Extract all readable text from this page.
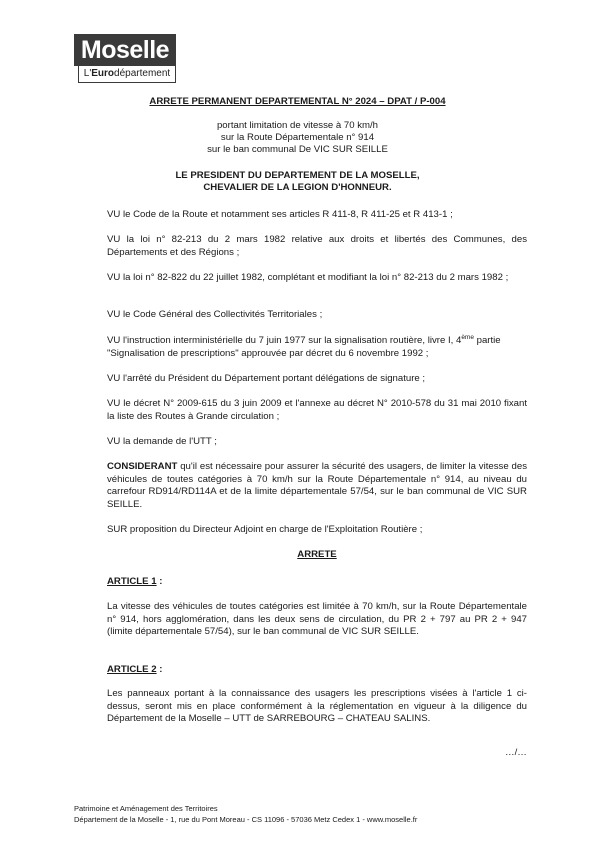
Moselle
L'Eurodépartement
ARRETE PERMANENT DEPARTEMENTAL N° 2024 – DPAT / P-004
portant limitation de vitesse à 70 km/h
sur la Route Départementale n° 914
sur le ban communal De VIC SUR SEILLE
LE PRESIDENT DU DEPARTEMENT DE LA MOSELLE,
CHEVALIER DE LA LEGION D'HONNEUR.
VU le Code de la Route et notamment ses articles R 411-8, R 411-25 et R 413-1 ;
VU la loi n° 82-213 du 2 mars 1982 relative aux droits et libertés des Communes, des Départements et des Régions ;
VU la loi n° 82-822 du 22 juillet 1982, complétant et modifiant la loi n° 82-213 du 2 mars 1982 ;
VU le Code Général des Collectivités Territoriales ;
VU l'instruction interministérielle du 7 juin 1977 sur la signalisation routière, livre I, 4ème partie "Signalisation de prescriptions" approuvée par décret du 6 novembre 1992 ;
VU l'arrêté du Président du Département portant délégations de signature ;
VU le décret N° 2009-615 du 3 juin 2009 et l'annexe au décret N° 2010-578 du 31 mai 2010 fixant la liste des Routes à Grande circulation ;
VU la demande de l'UTT ;
CONSIDERANT qu'il est nécessaire pour assurer la sécurité des usagers, de limiter la vitesse des véhicules de toutes catégories à 70 km/h sur la Route Départementale n° 914, au niveau du carrefour RD914/RD114A et de la limite départementale 57/54, sur le ban communal de VIC SUR SEILLE.
SUR proposition du Directeur Adjoint en charge de l'Exploitation Routière ;
ARRETE
ARTICLE 1 :
La vitesse des véhicules de toutes catégories est limitée à 70 km/h, sur la Route Départementale n° 914, hors agglomération, dans les deux sens de circulation, du PR 2 + 797 au PR 2 + 947 (limite départementale 57/54), sur le ban communal de VIC SUR SEILLE.
ARTICLE 2 :
Les panneaux portant à la connaissance des usagers les prescriptions visées à l'article 1 ci-dessus, seront mis en place conformément à la réglementation en vigueur à la diligence du Département de la Moselle – UTT de SARREBOURG – CHATEAU SALINS.
…/…
Patrimoine et Aménagement des Territoires
Département de la Moselle - 1, rue du Pont Moreau - CS 11096 - 57036 Metz Cedex 1 - www.moselle.fr
